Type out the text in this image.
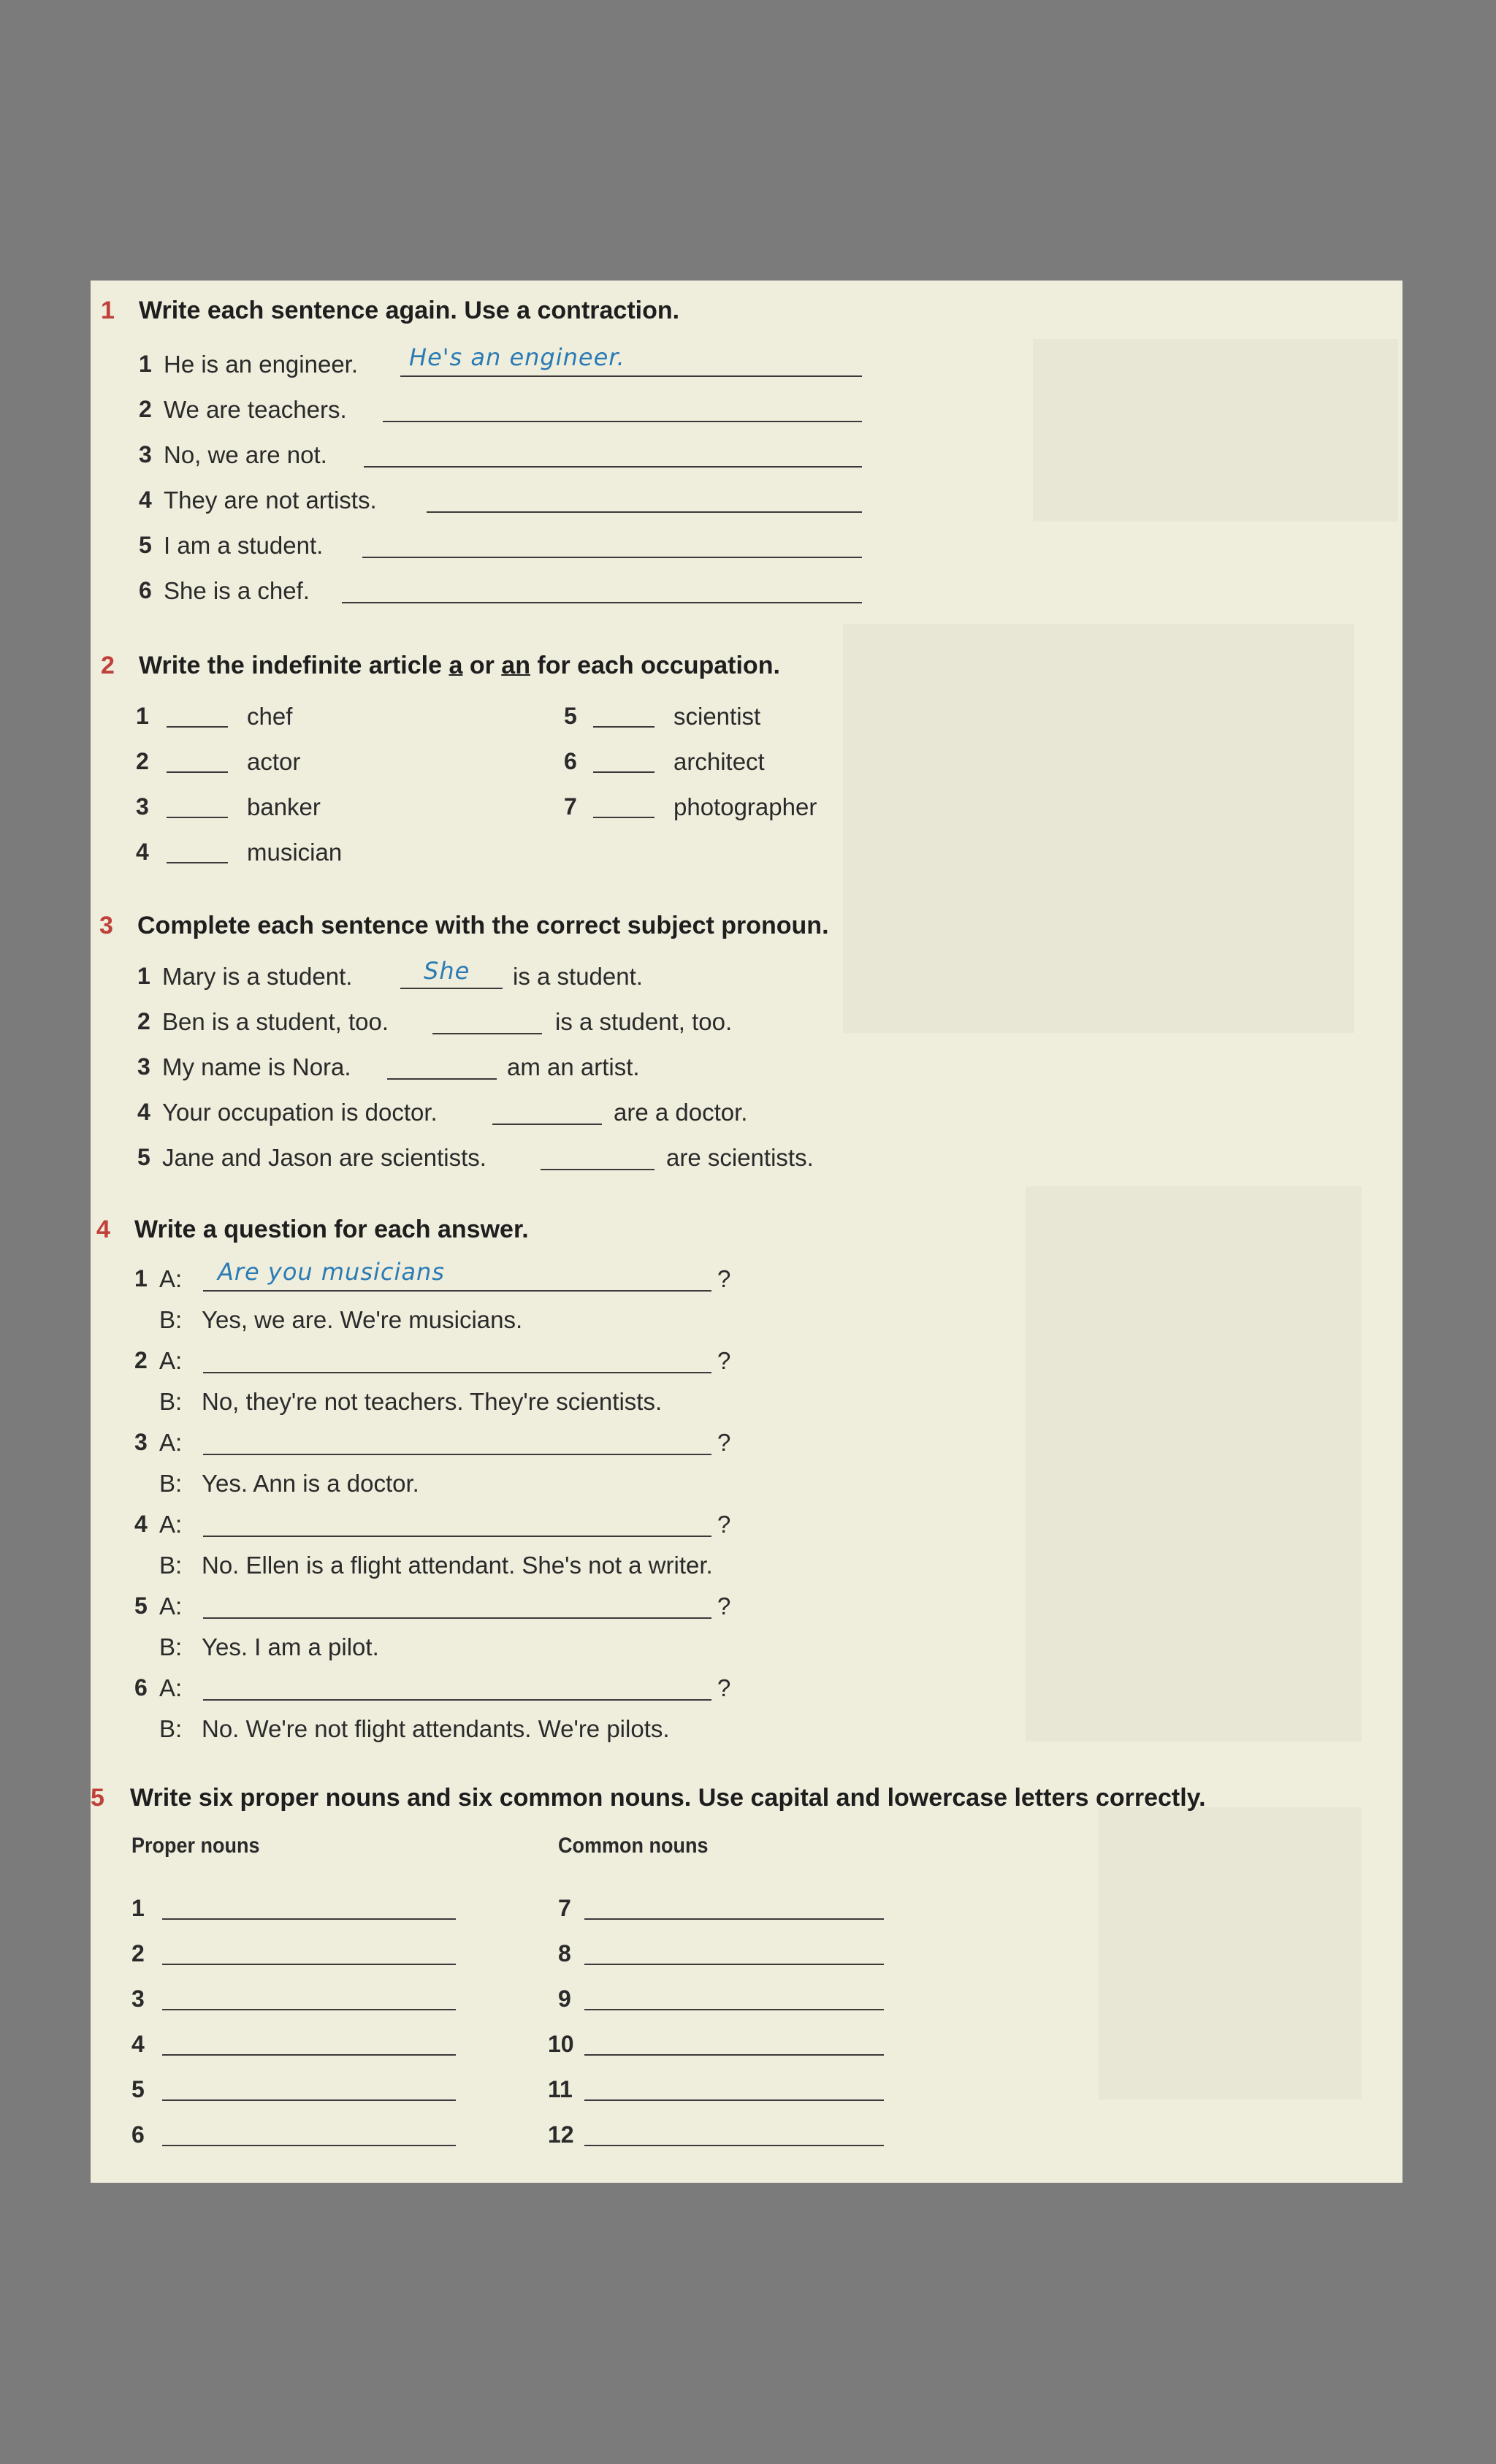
1 Write each sentence again. Use a contraction.
1 He is an engineer. He's an engineer.
2 We are teachers.
3 No, we are not.
4 They are not artists.
5 I am a student.
6 She is a chef.
2 Write the indefinite article a or an for each occupation.
1	chef
2	actor
3	banker
4	musician
5	scientist
6	architect
7	photographer
3 Complete each sentence with the correct subject pronoun.
1 Mary is a student.	She is a student.
2 Ben is a student, too.	is a student, too.
3 My name is Nora.	am an artist.
4 Your occupation is doctor.	are a doctor.
5 Jane and Jason are scientists.	are scientists.
4 Write a question for each answer.
1 A: Are you musicians	?
B: Yes, we are. We're musicians.
2 A:	?
B: No, they're not teachers. They're scientists.
3 A:	?
B: Yes. Ann is a doctor.
4 A:	?
B: No. Ellen is a flight attendant. She's not a writer.
5 A:	?
B: Yes. I am a pilot.
6 A:	?
B: No. We're not flight attendants. We're pilots.
5 Write six proper nouns and six common nouns. Use capital and lowercase letters correctly.
Proper nouns	Common nouns
1
2
3
4
5
6
7
8
9
10
11
12
